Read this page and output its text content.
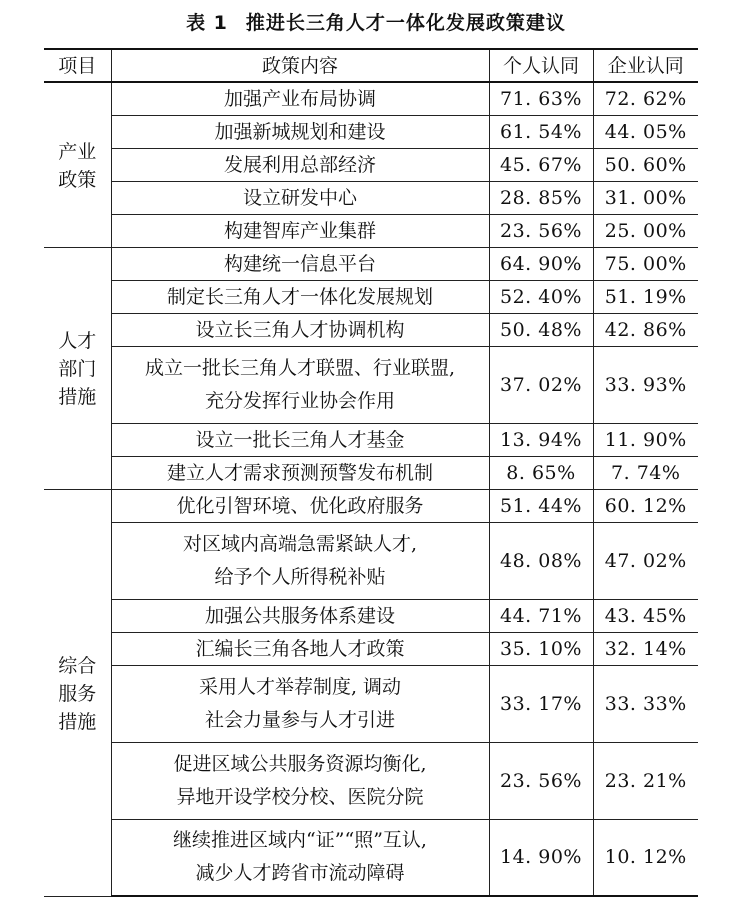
表 1 推进长三角人才一体化发展政策建议
项目	政策内容	个人认同	企业认同

产业
政策	加强产业布局协调	71. 63%	72. 62%

	加强新城规划和建设	61. 54%	44. 05%

	发展利用总部经济	45. 67%	50. 60%

	设立研发中心	28. 85%	31. 00%

	构建智库产业集群	23. 56%	25. 00%

人才
部门
措施	构建统一信息平台	64. 90%	75. 00%

	制定长三角人才一体化发展规划	52. 40%	51. 19%

	设立长三角人才协调机构	50. 48%	42. 86%

	成立一批长三角人才联盟、行业联盟,
充分发挥行业协会作用	37. 02%	33. 93%

	设立一批长三角人才基金	13. 94%	11. 90%

	建立人才需求预测预警发布机制	8. 65%	7. 74%

综合
服务
措施	优化引智环境、优化政府服务	51. 44%	60. 12%

	对区域内高端急需紧缺人才,
给予个人所得税补贴	48. 08%	47. 02%

	加强公共服务体系建设	44. 71%	43. 45%

	汇编长三角各地人才政策	35. 10%	32. 14%

	采用人才举荐制度, 调动
社会力量参与人才引进	33. 17%	33. 33%

	促进区域公共服务资源均衡化,
异地开设学校分校、医院分院	23. 56%	23. 21%

	继续推进区域内“证”“照”互认,
减少人才跨省市流动障碍	14. 90%	10. 12%
